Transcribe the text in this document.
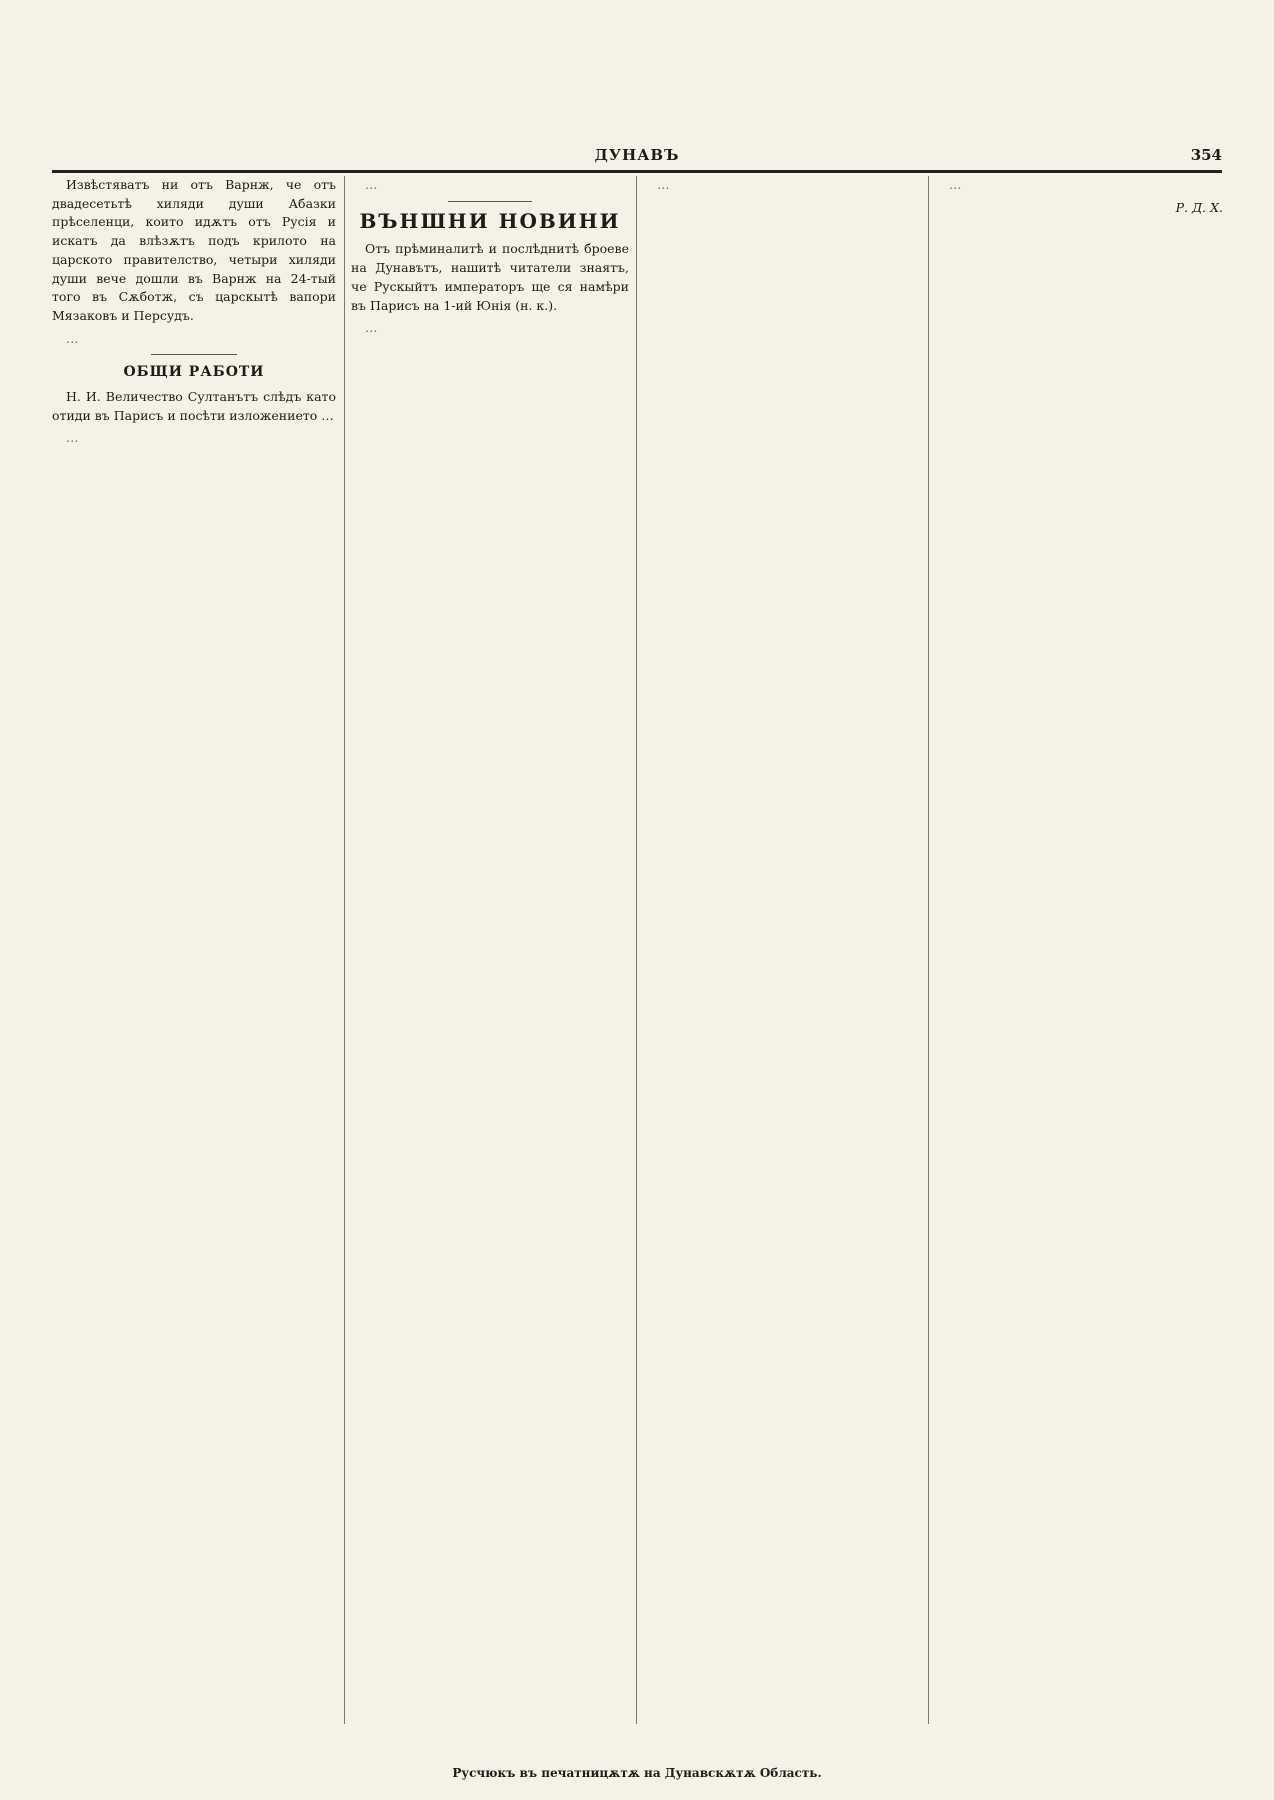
ДУНАВЪ	354

Извѣстяватъ ни отъ Варнж, че отъ двадесетьтѣ хиляди души Абазки прѣселенци, които идѫтъ отъ Русія и искатъ да влѣзѫтъ подъ крилото на царското правителство, четыри хиляди души вече дошли въ Варнж на 24-тый того въ Сѫботж, съ царскытѣ вапори Мязаковъ и Персудъ.

…

ОБЩИ РАБОТИ

Н. И. Величество Султанътъ слѣдъ като отиди въ Парисъ и посѣти изложението …

…

…

ВЪНШНИ НОВИНИ

Отъ прѣминалитѣ и послѣднитѣ броеве на Дунавътъ, нашитѣ читатели знаятъ, че Рускыйтъ императоръ ще ся намѣри въ Парисъ на 1-ий Юнія (н. к.).

…

…	…

Р. Д. Х.

Русчюкъ въ печатницѫтѫ на Дунавскѫтѫ Область.
